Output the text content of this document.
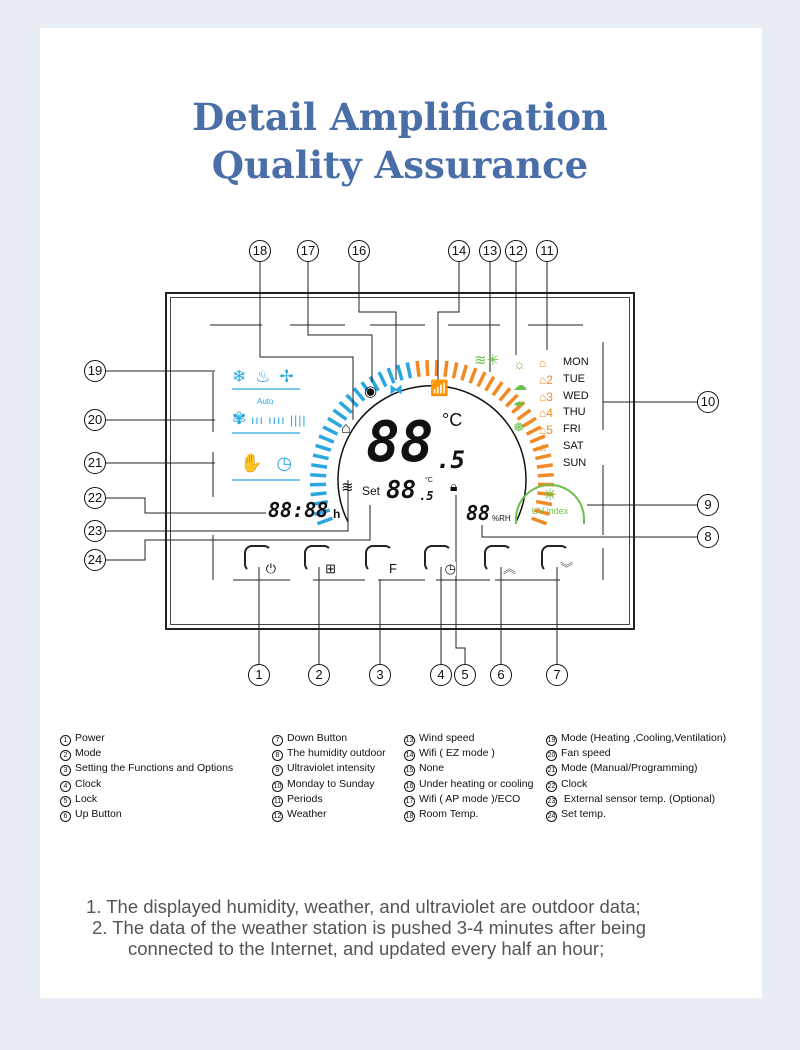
Detail Amplification
Quality Assurance
❄♨✢
Auto
✾ ııı ıııı ||||
✋◷
88:88 h
◉ ⧓ 📶
⌂
≋
88 .5
°C
Set 88 .5
°C 🔒︎
≋✳ ☼
☁
☂
❅
⌂
⌂2
⌂3
⌂4
⌂5
⌂
MON
TUE
WED
THU
FRI
SAT
SUN
✳
UV index
88 %RH
⏻	⊞	F	◷	︽	︾
1	2	3	4	5	6	7
8
9
10
11
12
13
14
16
17
18
19
20
21
22
23
24
1 Power
2 Mode
3 Setting the Functions and Options
4 Clock
5 Lock
6 Up Button
7 Down Button
8 The humidity outdoor
9 Ultraviolet intensity
10 Monday to Sunday
11 Periods
12 Weather
13 Wind speed
14 Wifi ( EZ mode )
15 None
16 Under heating or cooling
17 Wifi ( AP mode )/ECO
18 Room Temp.
19 Mode (Heating ,Cooling,Ventilation)
20 Fan speed
21 Mode (Manual/Programming)
22 Clock
23 External sensor temp. (Optional)
24 Set temp.
1. The displayed humidity, weather, and ultraviolet are outdoor data;
2. The data of the weather station is pushed 3-4 minutes after being
connected to the Internet, and updated every half an hour;
